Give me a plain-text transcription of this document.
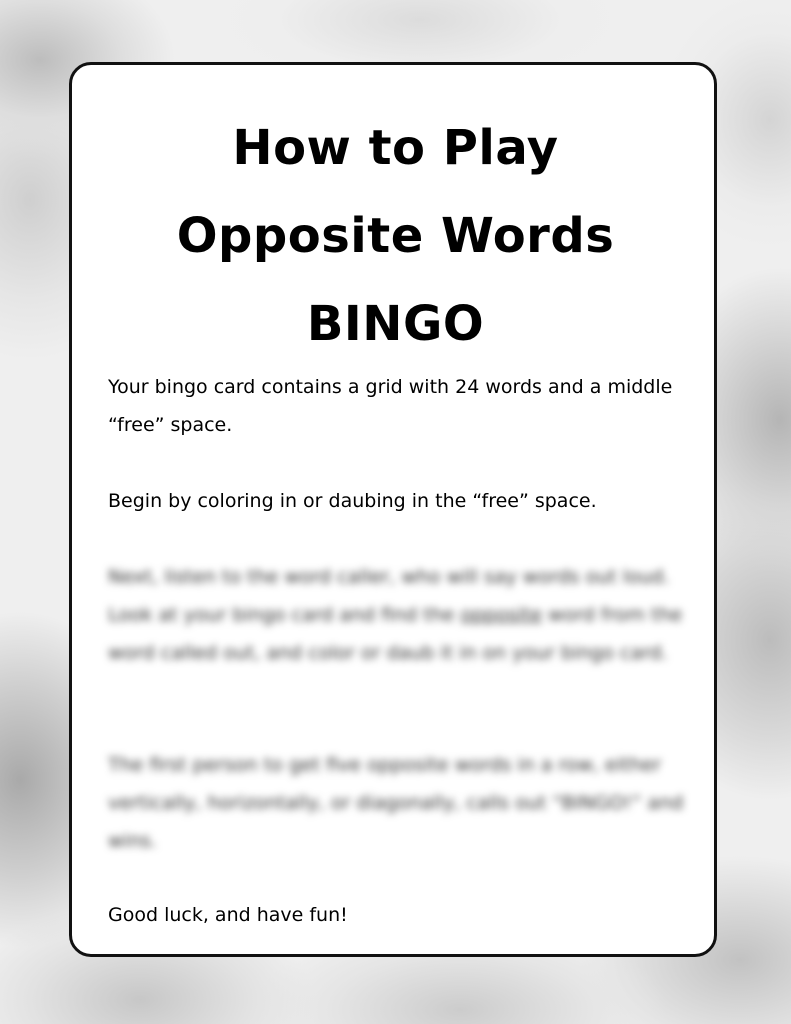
How to Play
Opposite Words
BINGO
Your bingo card contains a grid with 24 words and a middle “free” space.
Begin by coloring in or daubing in the “free” space.
Next, listen to the word caller, who will say words out loud. Look at your bingo card and find the opposite word from the word called out, and color or daub it in on your bingo card.
The first person to get five opposite words in a row, either vertically, horizontally, or diagonally, calls out “BINGO!” and wins.
Good luck, and have fun!
